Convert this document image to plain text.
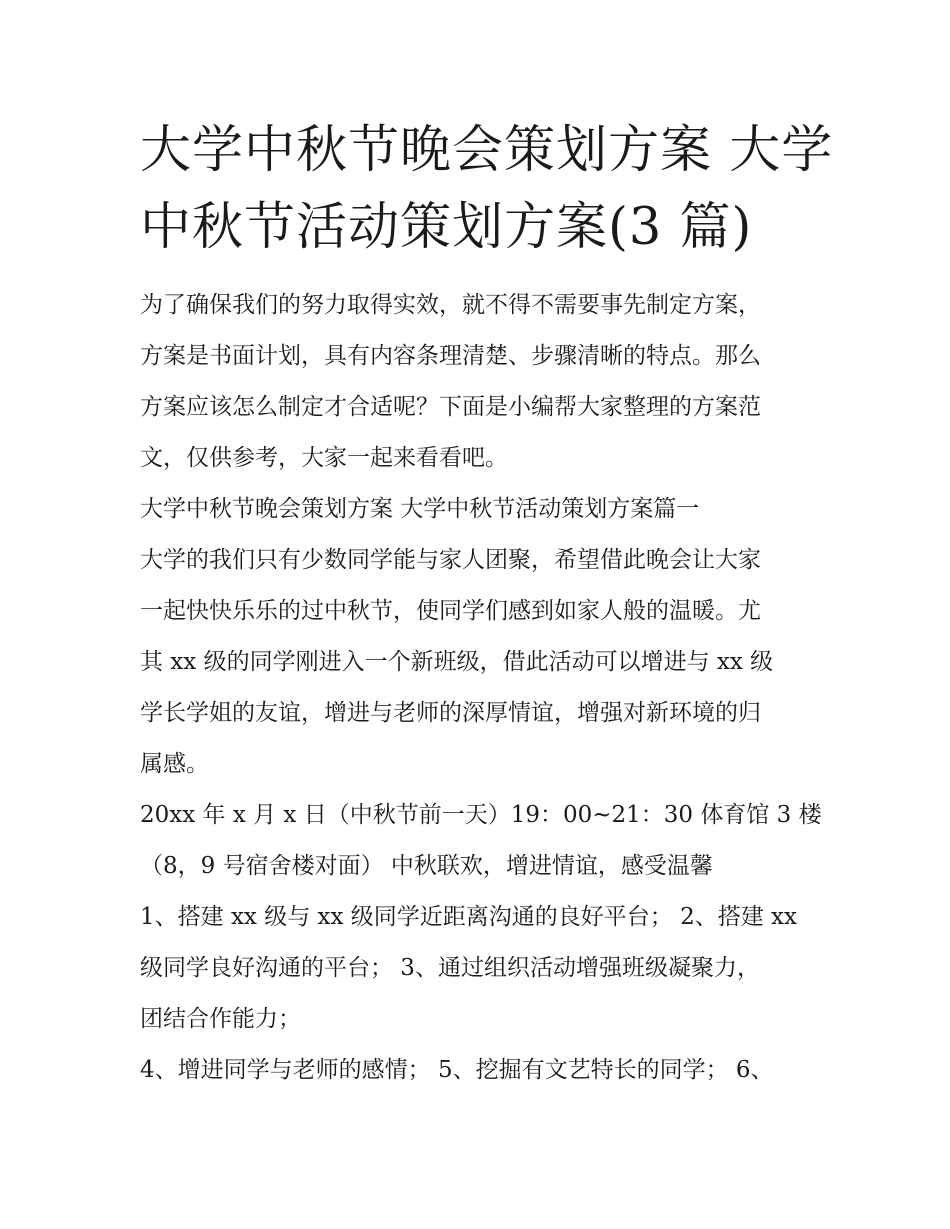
大学中秋节晚会策划方案 大学
中秋节活动策划方案(3 篇)

为了确保我们的努力取得实效，就不得不需要事先制定方案，
方案是书面计划，具有内容条理清楚、步骤清晰的特点。那么
方案应该怎么制定才合适呢？下面是小编帮大家整理的方案范
文，仅供参考，大家一起来看看吧。

大学中秋节晚会策划方案 大学中秋节活动策划方案篇一

大学的我们只有少数同学能与家人团聚，希望借此晚会让大家
一起快快乐乐的过中秋节，使同学们感到如家人般的温暖。尤
其 xx 级的同学刚进入一个新班级，借此活动可以增进与 xx 级
学长学姐的友谊，增进与老师的深厚情谊，增强对新环境的归
属感。

20xx 年 x 月 x 日（中秋节前一天）19：00~21：30 体育馆 3 楼
（8，9 号宿舍楼对面） 中秋联欢，增进情谊，感受温馨

1、搭建 xx 级与 xx 级同学近距离沟通的良好平台； 2、搭建 xx
级同学良好沟通的平台； 3、通过组织活动增强班级凝聚力，
团结合作能力；

4、增进同学与老师的感情； 5、挖掘有文艺特长的同学； 6、
